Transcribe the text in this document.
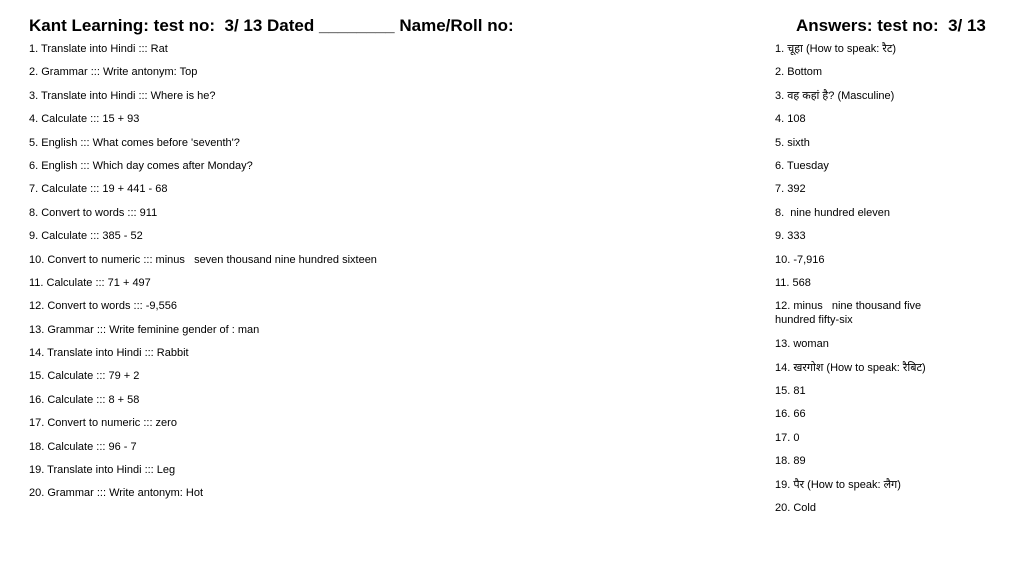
Kant Learning: test no:  3/ 13 Dated ________ Name/Roll no:	Answers: test no:  3/ 13

1. Translate into Hindi ::: Rat

2. Grammar ::: Write antonym: Top

3. Translate into Hindi ::: Where is he?

4. Calculate ::: 15 + 93

5. English ::: What comes before 'seventh'?

6. English ::: Which day comes after Monday?

7. Calculate ::: 19 + 441 - 68

8. Convert to words ::: 911

9. Calculate ::: 385 - 52

10. Convert to numeric ::: minus   seven thousand nine hundred sixteen

11. Calculate ::: 71 + 497

12. Convert to words ::: -9,556

13. Grammar ::: Write feminine gender of : man

14. Translate into Hindi ::: Rabbit

15. Calculate ::: 79 + 2

16. Calculate ::: 8 + 58

17. Convert to numeric ::: zero

18. Calculate ::: 96 - 7

19. Translate into Hindi ::: Leg

20. Grammar ::: Write antonym: Hot

1. चूहा (How to speak: रैट)

2. Bottom

3. वह कहां है? (Masculine)

4. 108

5. sixth

6. Tuesday

7. 392

8.  nine hundred eleven

9. 333

10. -7,916

11. 568

12. minus   nine thousand five hundred fifty-six

13. woman

14. खरगोश (How to speak: रैबिट)

15. 81

16. 66

17. 0

18. 89

19. पैर (How to speak: लैग)

20. Cold
